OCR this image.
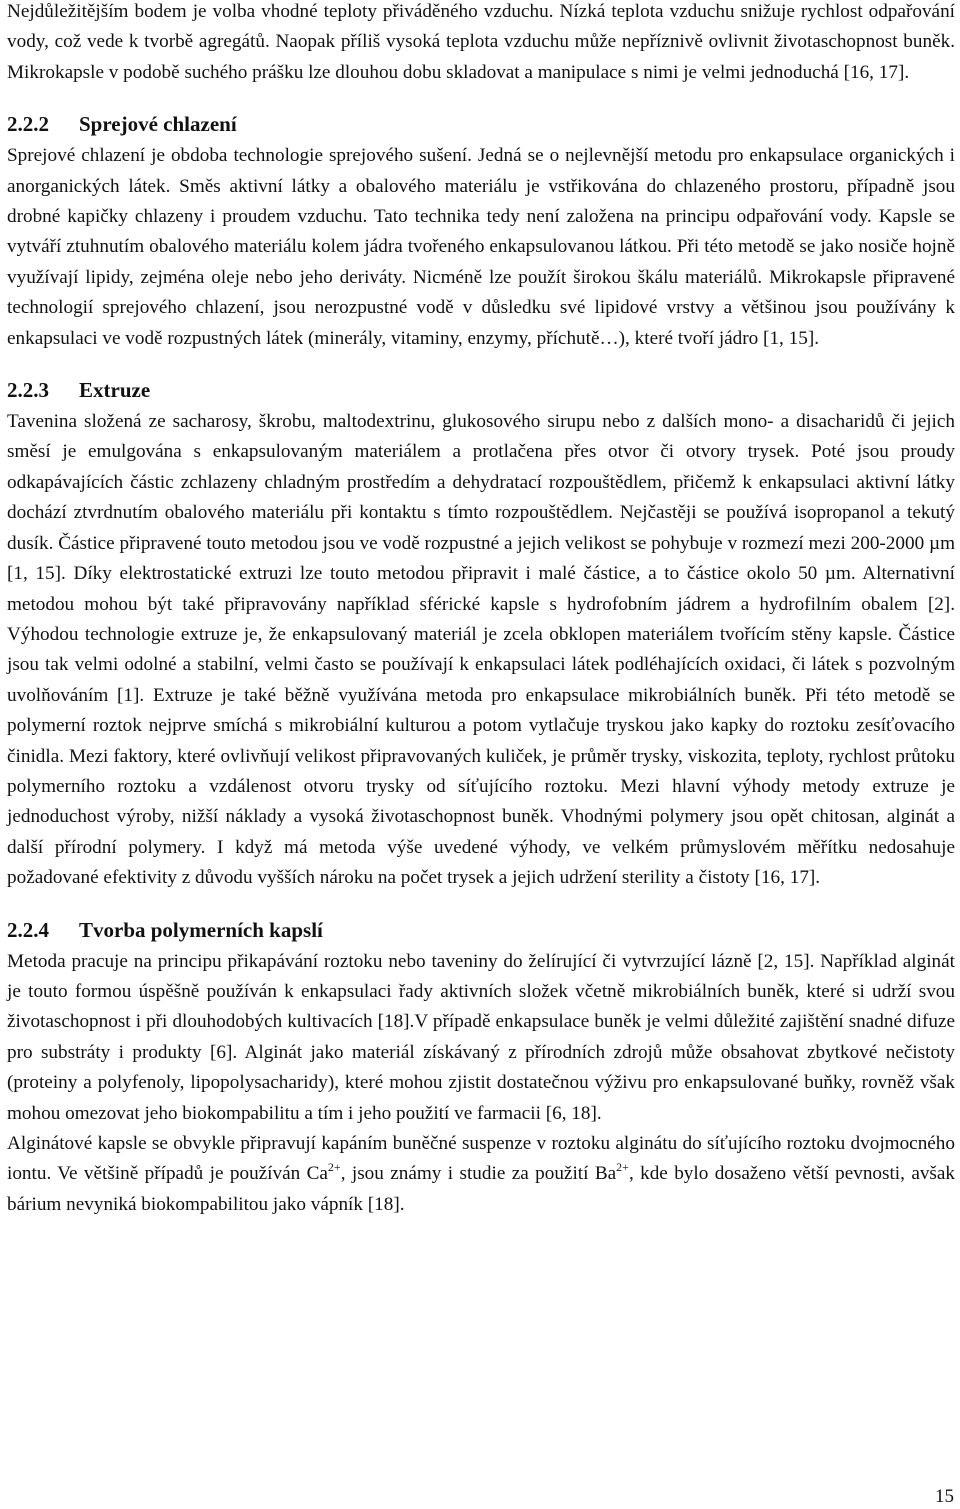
Nejdůležitějším bodem je volba vhodné teploty přiváděného vzduchu. Nízká teplota vzduchu snižuje rychlost odpařování vody, což vede k tvorbě agregátů. Naopak příliš vysoká teplota vzduchu může nepříznivě ovlivnit životaschopnost buněk. Mikrokapsle v podobě suchého prášku lze dlouhou dobu skladovat a manipulace s nimi je velmi jednoduchá [16, 17].

2.2.2 Sprejové chlazení

Sprejové chlazení je obdoba technologie sprejového sušení. Jedná se o nejlevnější metodu pro enkapsulace organických i anorganických látek. Směs aktivní látky a obalového materiálu je vstřikována do chlazeného prostoru, případně jsou drobné kapičky chlazeny i proudem vzduchu. Tato technika tedy není založena na principu odpařování vody. Kapsle se vytváří ztuhnutím obalového materiálu kolem jádra tvořeného enkapsulovanou látkou. Při této metodě se jako nosiče hojně využívají lipidy, zejména oleje nebo jeho deriváty. Nicméně lze použít širokou škálu materiálů. Mikrokapsle připravené technologií sprejového chlazení, jsou nerozpustné vodě v důsledku své lipidové vrstvy a většinou jsou používány k enkapsulaci ve vodě rozpustných látek (minerály, vitaminy, enzymy, příchutě…), které tvoří jádro [1, 15].

2.2.3 Extruze

Tavenina složená ze sacharosy, škrobu, maltodextrinu, glukosového sirupu nebo z dalších mono- a disacharidů či jejich směsí je emulgována s enkapsulovaným materiálem a protlačena přes otvor či otvory trysek. Poté jsou proudy odkapávajících částic zchlazeny chladným prostředím a dehydratací rozpouštědlem, přičemž k enkapsulaci aktivní látky dochází ztvrdnutím obalového materiálu při kontaktu s tímto rozpouštědlem. Nejčastěji se používá isopropanol a tekutý dusík. Částice připravené touto metodou jsou ve vodě rozpustné a jejich velikost se pohybuje v rozmezí mezi 200-2000 µm [1, 15]. Díky elektrostatické extruzi lze touto metodou připravit i malé částice, a to částice okolo 50 µm. Alternativní metodou mohou být také připravovány například sférické kapsle s hydrofobním jádrem a hydrofilním obalem [2]. Výhodou technologie extruze je, že enkapsulovaný materiál je zcela obklopen materiálem tvořícím stěny kapsle. Částice jsou tak velmi odolné a stabilní, velmi často se používají k enkapsulaci látek podléhajících oxidaci, či látek s pozvolným uvolňováním [1]. Extruze je také běžně využívána metoda pro enkapsulace mikrobiálních buněk. Při této metodě se polymerní roztok nejprve smíchá s mikrobiální kulturou a potom vytlačuje tryskou jako kapky do roztoku zesíťovacího činidla. Mezi faktory, které ovlivňují velikost připravovaných kuliček, je průměr trysky, viskozita, teploty, rychlost průtoku polymerního roztoku a vzdálenost otvoru trysky od síťujícího roztoku. Mezi hlavní výhody metody extruze je jednoduchost výroby, nižší náklady a vysoká životaschopnost buněk. Vhodnými polymery jsou opět chitosan, alginát a další přírodní polymery. I když má metoda výše uvedené výhody, ve velkém průmyslovém měřítku nedosahuje požadované efektivity z důvodu vyšších nároku na počet trysek a jejich udržení sterility a čistoty [16, 17].

2.2.4 Tvorba polymerních kapslí

Metoda pracuje na principu přikapávání roztoku nebo taveniny do želírující či vytvrzující lázně [2, 15]. Například alginát je touto formou úspěšně používán k enkapsulaci řady aktivních složek včetně mikrobiálních buněk, které si udrží svou životaschopnost i při dlouhodobých kultivacích [18].V případě enkapsulace buněk je velmi důležité zajištění snadné difuze pro substráty i produkty [6]. Alginát jako materiál získávaný z přírodních zdrojů může obsahovat zbytkové nečistoty (proteiny a polyfenoly, lipopolysacharidy), které mohou zjistit dostatečnou výživu pro enkapsulované buňky, rovněž však mohou omezovat jeho biokompabilitu a tím i jeho použití ve farmacii [6, 18].

Alginátové kapsle se obvykle připravují kapáním buněčné suspenze v roztoku alginátu do síťujícího roztoku dvojmocného iontu. Ve většině případů je používán $Ca^{2+}$, jsou známy i studie za použití $Ba^{2+}$, kde bylo dosaženo větší pevnosti, avšak bárium nevyniká biokompabilitou jako vápník [18].

15
